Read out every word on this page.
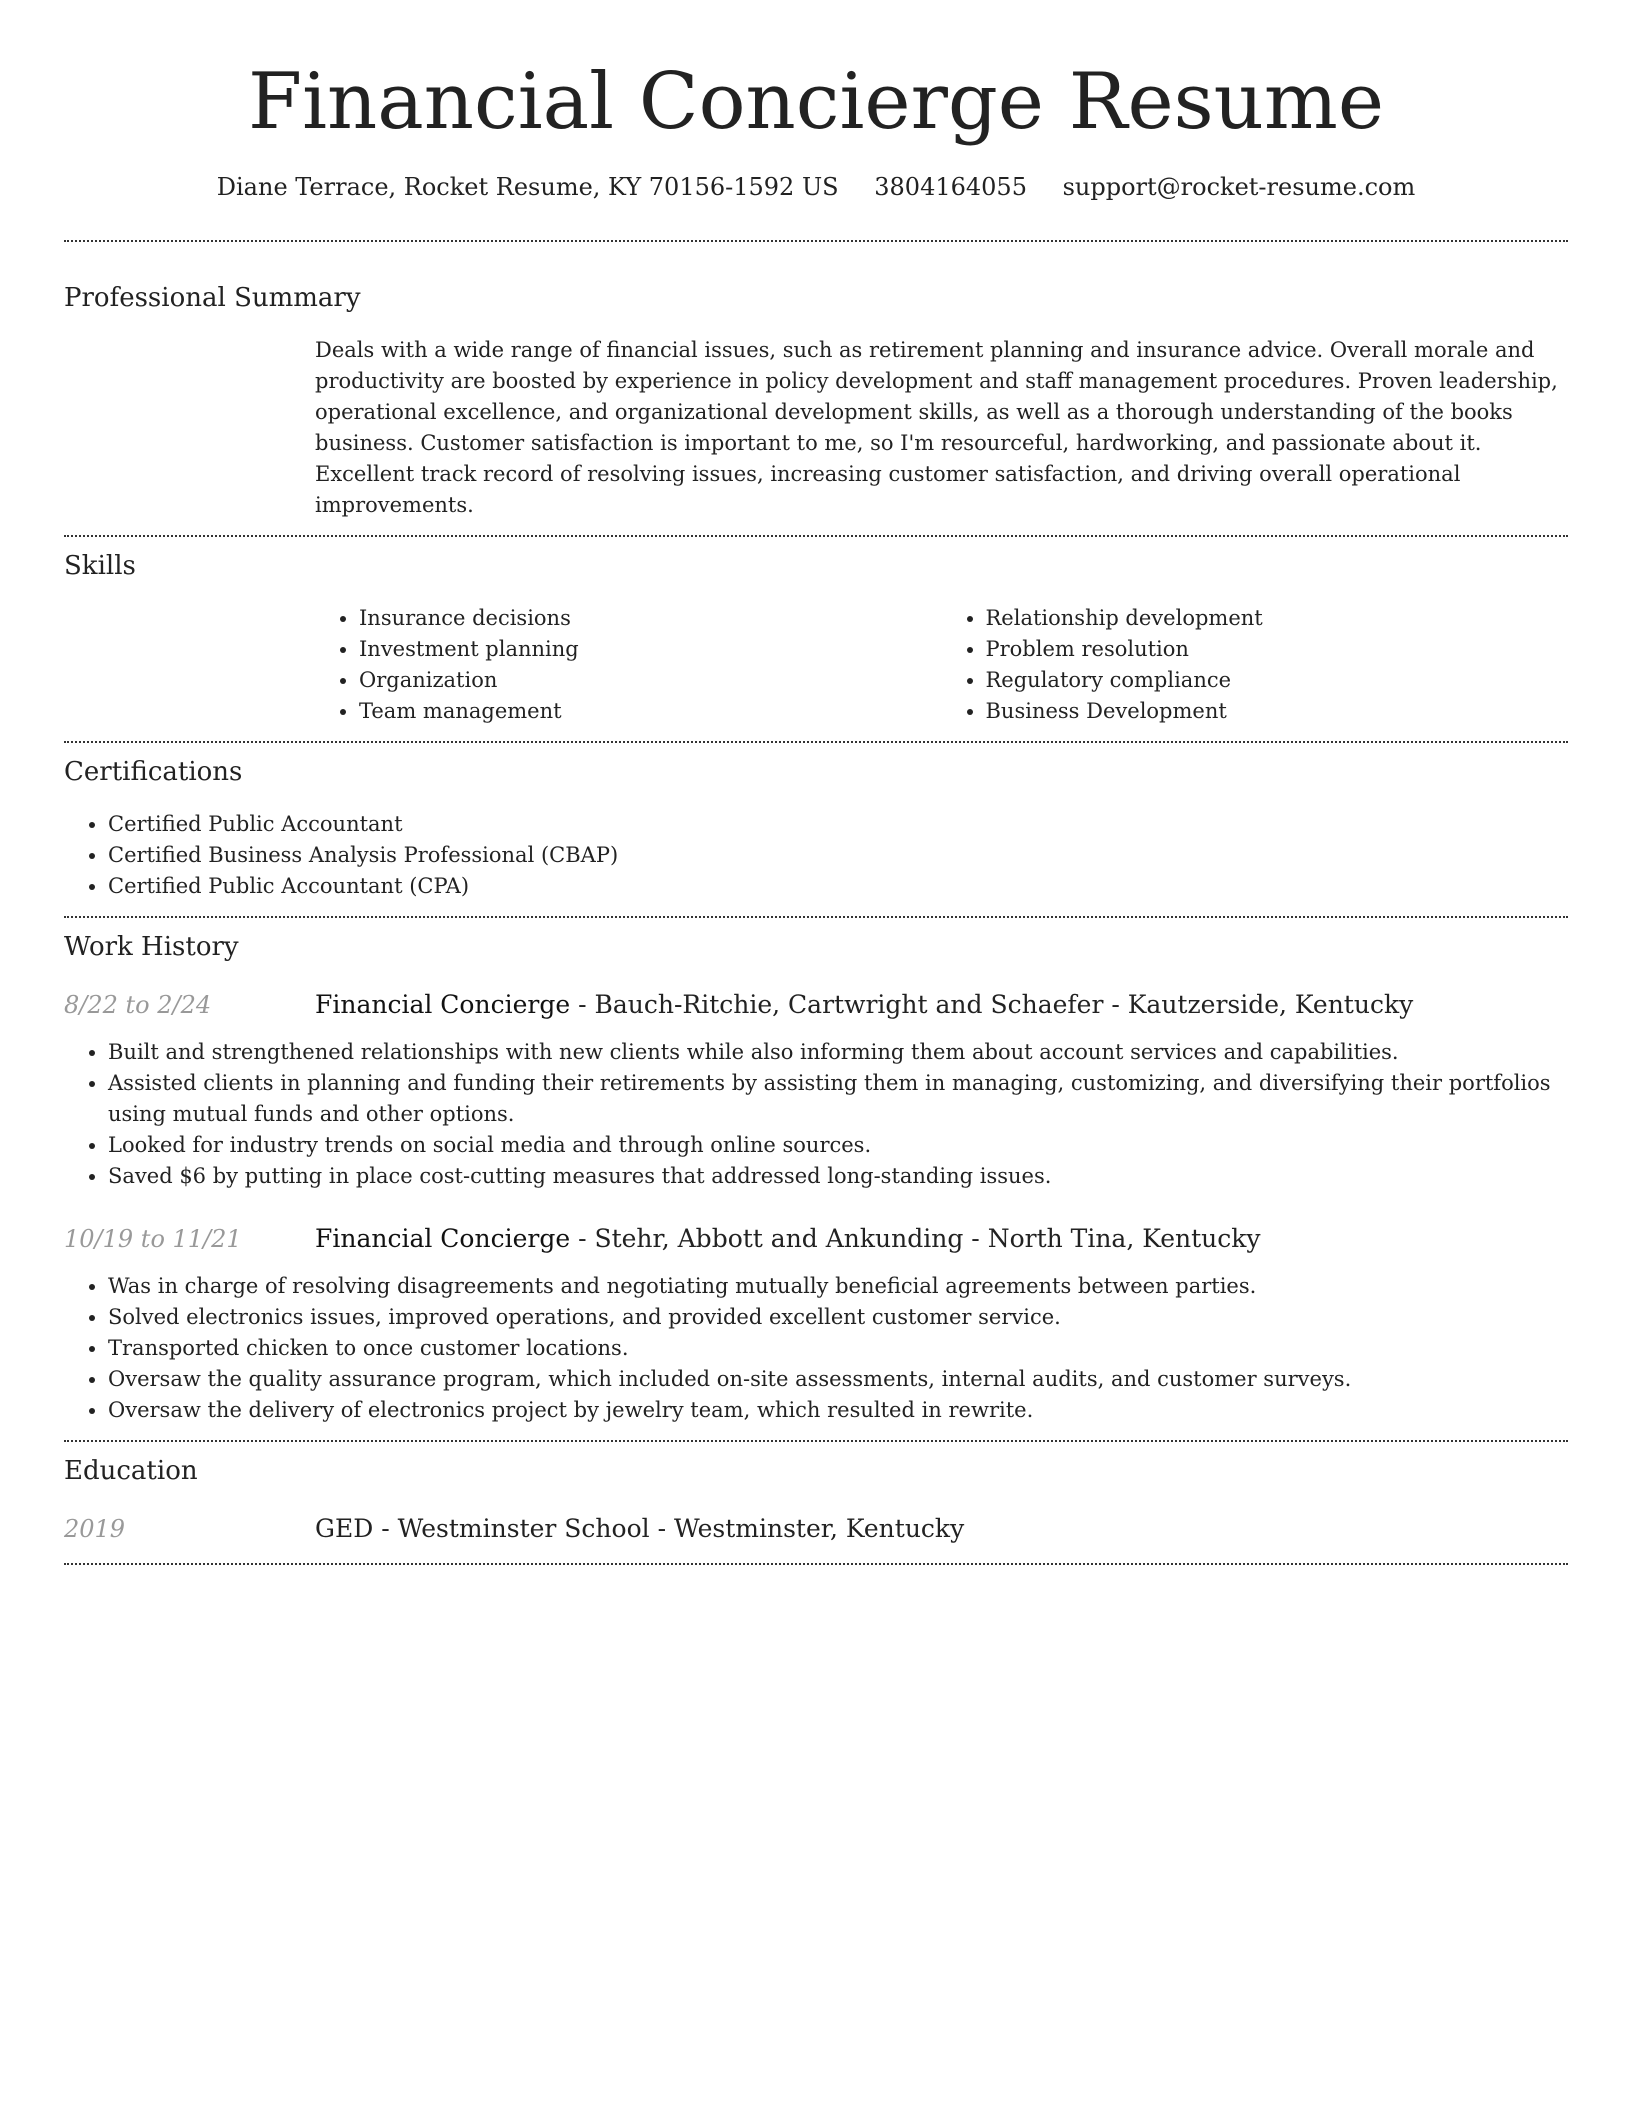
Financial Concierge Resume
Diane Terrace, Rocket Resume, KY 70156-1592 US 3804164055 support@rocket-resume.com
Professional Summary

Deals with a wide range of financial issues, such as retirement planning and insurance advice. Overall morale and productivity are boosted by experience in policy development and staff management procedures. Proven leadership, operational excellence, and organizational development skills, as well as a thorough understanding of the books business. Customer satisfaction is important to me, so I'm resourceful, hardworking, and passionate about it. Excellent track record of resolving issues, increasing customer satisfaction, and driving overall operational improvements.

Skills
• Insurance decisions
• Investment planning
• Organization
• Team management
• Relationship development
• Problem resolution
• Regulatory compliance
• Business Development
Certifications
• Certified Public Accountant
• Certified Business Analysis Professional (CBAP)
• Certified Public Accountant (CPA)
Work History
8/22 to 2/24	Financial Concierge - Bauch-Ritchie, Cartwright and Schaefer - Kautzerside, Kentucky
• Built and strengthened relationships with new clients while also informing them about account services and capabilities.
• Assisted clients in planning and funding their retirements by assisting them in managing, customizing, and diversifying their portfolios using mutual funds and other options.
• Looked for industry trends on social media and through online sources.
• Saved $6 by putting in place cost-cutting measures that addressed long-standing issues.
10/19 to 11/21	Financial Concierge - Stehr, Abbott and Ankunding - North Tina, Kentucky
• Was in charge of resolving disagreements and negotiating mutually beneficial agreements between parties.
• Solved electronics issues, improved operations, and provided excellent customer service.
• Transported chicken to once customer locations.
• Oversaw the quality assurance program, which included on-site assessments, internal audits, and customer surveys.
• Oversaw the delivery of electronics project by jewelry team, which resulted in rewrite.
Education
2019	GED - Westminster School - Westminster, Kentucky
